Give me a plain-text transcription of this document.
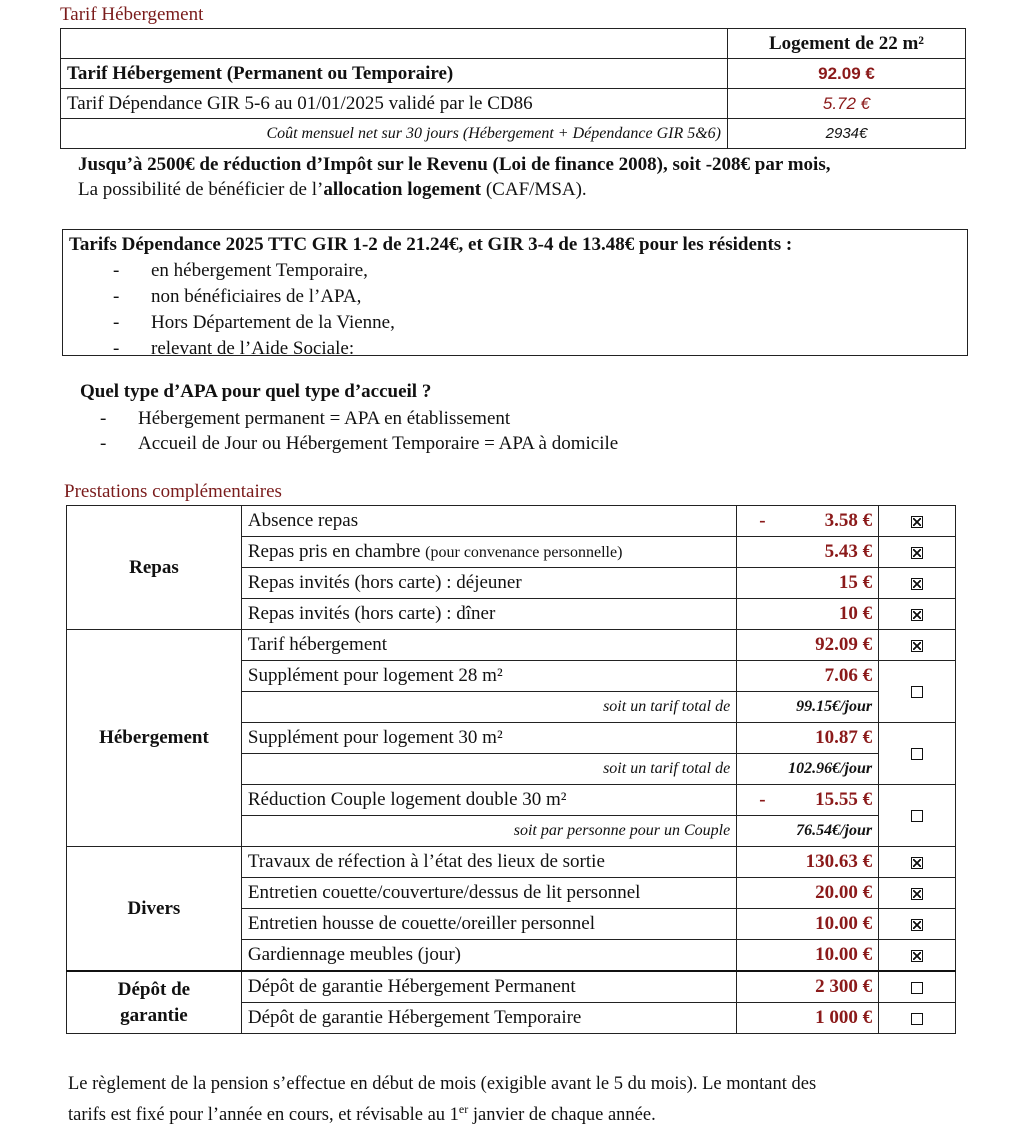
Tarif Hébergement
	Logement de 22 m²
Tarif Hébergement (Permanent ou Temporaire)	92.09 €
Tarif Dépendance GIR 5-6 au 01/01/2025 validé par le CD86	5.72 €
Coût mensuel net sur 30 jours (Hébergement + Dépendance GIR 5&6)	2934€
Jusqu’à 2500€ de réduction d’Impôt sur le Revenu (Loi de finance 2008), soit -208€ par mois,
La possibilité de bénéficier de l’allocation logement (CAF/MSA).
Tarifs Dépendance 2025 TTC GIR 1-2 de 21.24€, et GIR 3-4 de 13.48€ pour les résidents :
- en hébergement Temporaire,
- non bénéficiaires de l’APA,
- Hors Département de la Vienne,
- relevant de l’Aide Sociale:
Quel type d’APA pour quel type d’accueil ?
- Hébergement permanent = APA en établissement
- Accueil de Jour ou Hébergement Temporaire = APA à domicile
Prestations complémentaires
Repas	Absence repas	- 3.58 €	
	Repas pris en chambre (pour convenance personnelle)	5.43 €	
	Repas invités (hors carte) : déjeuner	15 €	
	Repas invités (hors carte) : dîner	10 €	
Hébergement	Tarif hébergement	92.09 €	
	Supplément pour logement 28 m²	7.06 €	
	soit un tarif total de	99.15€/jour	
	Supplément pour logement 30 m²	10.87 €	
	soit un tarif total de	102.96€/jour	
	Réduction Couple logement double 30 m²	- 15.55 €	
	soit par personne pour un Couple	76.54€/jour	
Divers	Travaux de réfection à l’état des lieux de sortie	130.63 €	
	Entretien couette/couverture/dessus de lit personnel	20.00 €	
	Entretien housse de couette/oreiller personnel	10.00 €	
	Gardiennage meubles (jour)	10.00 €	
Dépôt de
garantie	Dépôt de garantie Hébergement Permanent	2 300 €	
	Dépôt de garantie Hébergement Temporaire	1 000 €	
Le règlement de la pension s’effectue en début de mois (exigible avant le 5 du mois). Le montant des
tarifs est fixé pour l’année en cours, et révisable au 1er janvier de chaque année.
